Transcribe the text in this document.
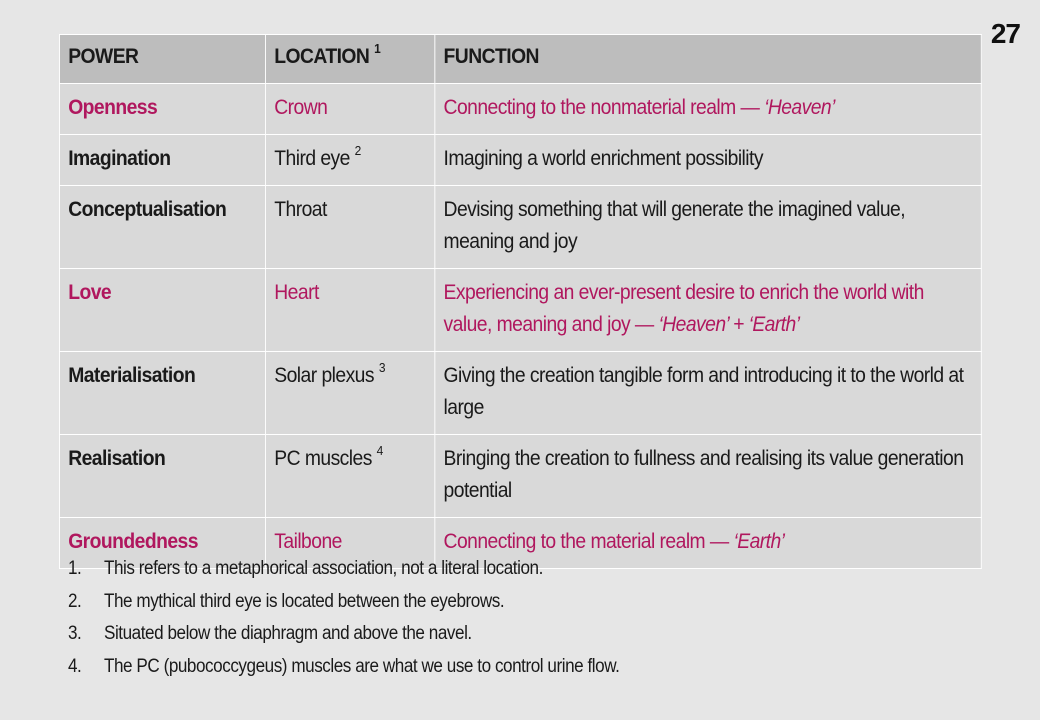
27
POWER	LOCATION $^1$	FUNCTION
Openness	Crown	Connecting to the nonmaterial realm — ‘Heaven’
Imagination	Third eye $^2$	Imagining a world enrichment possibility
Conceptualisation	Throat	Devising something that will generate the imagined value, meaning and joy
Love	Heart	Experiencing an ever-present desire to enrich the world with value, meaning and joy — ‘Heaven’ + ‘Earth’
Materialisation	Solar plexus $^3$	Giving the creation tangible form and introducing it to the world at large
Realisation	PC muscles $^4$	Bringing the creation to fullness and realising its value generation potential
Groundedness	Tailbone	Connecting to the material realm — ‘Earth’
1.	This refers to a metaphorical association, not a literal location.
2.	The mythical third eye is located between the eyebrows.
3.	Situated below the diaphragm and above the navel.
4.	The PC (pubococcygeus) muscles are what we use to control urine flow.
